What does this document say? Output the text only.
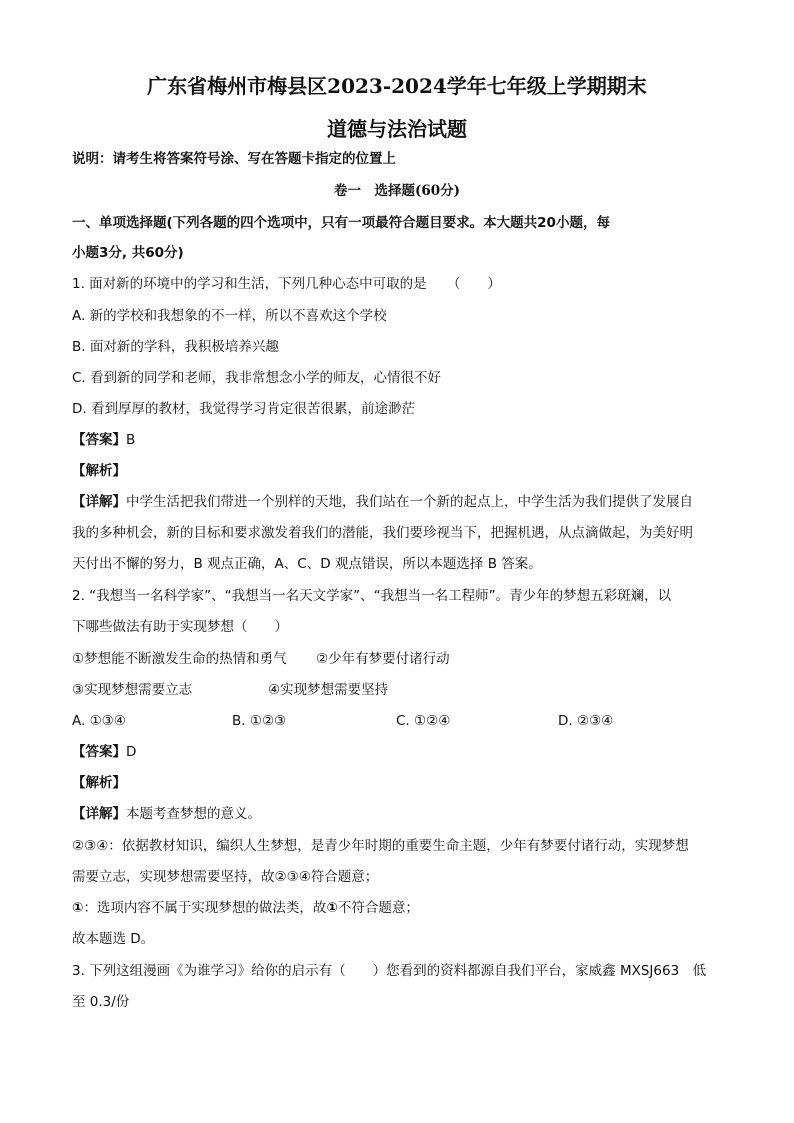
广东省梅州市梅县区2023-2024学年七年级上学期期末
道德与法治试题
说明：请考生将答案符号涂、写在答题卡指定的位置上
卷一　选择题(60分)
一、单项选择题(下列各题的四个选项中，只有一项最符合题目要求。本大题共20小题，每
小题3分, 共60分)
1. 面对新的环境中的学习和生活，下列几种心态中可取的是　　（　　）
A. 新的学校和我想象的不一样，所以不喜欢这个学校
B. 面对新的学科，我积极培养兴趣
C. 看到新的同学和老师，我非常想念小学的师友，心情很不好
D. 看到厚厚的教材，我觉得学习肯定很苦很累，前途渺茫
【答案】B
【解析】
【详解】中学生活把我们带进一个别样的天地，我们站在一个新的起点上，中学生活为我们提供了发展自
我的多种机会，新的目标和要求激发着我们的潜能，我们要珍视当下，把握机遇，从点滴做起，为美好明
天付出不懈的努力，B 观点正确，A、C、D 观点错误，所以本题选择 B 答案。
2. “我想当一名科学家”、“我想当一名天文学家”、“我想当一名工程师”。青少年的梦想五彩斑斓，以
下哪些做法有助于实现梦想（　　）
①梦想能不断激发生命的热情和勇气 ②少年有梦要付诸行动
③实现梦想需要立志	④实现梦想需要坚持
A. ①③④	B. ①②③	C. ①②④	D. ②③④
【答案】D
【解析】
【详解】本题考查梦想的意义。
②③④：依据教材知识，编织人生梦想，是青少年时期的重要生命主题，少年有梦要付诸行动，实现梦想
需要立志，实现梦想需要坚持，故②③④符合题意；
①：选项内容不属于实现梦想的做法类，故①不符合题意；
故本题选 D。
3. 下列这组漫画《为谁学习》给你的启示有（　　）您看到的资料都源自我们平台，家威鑫 MXSJ663　低
至 0.3/份
